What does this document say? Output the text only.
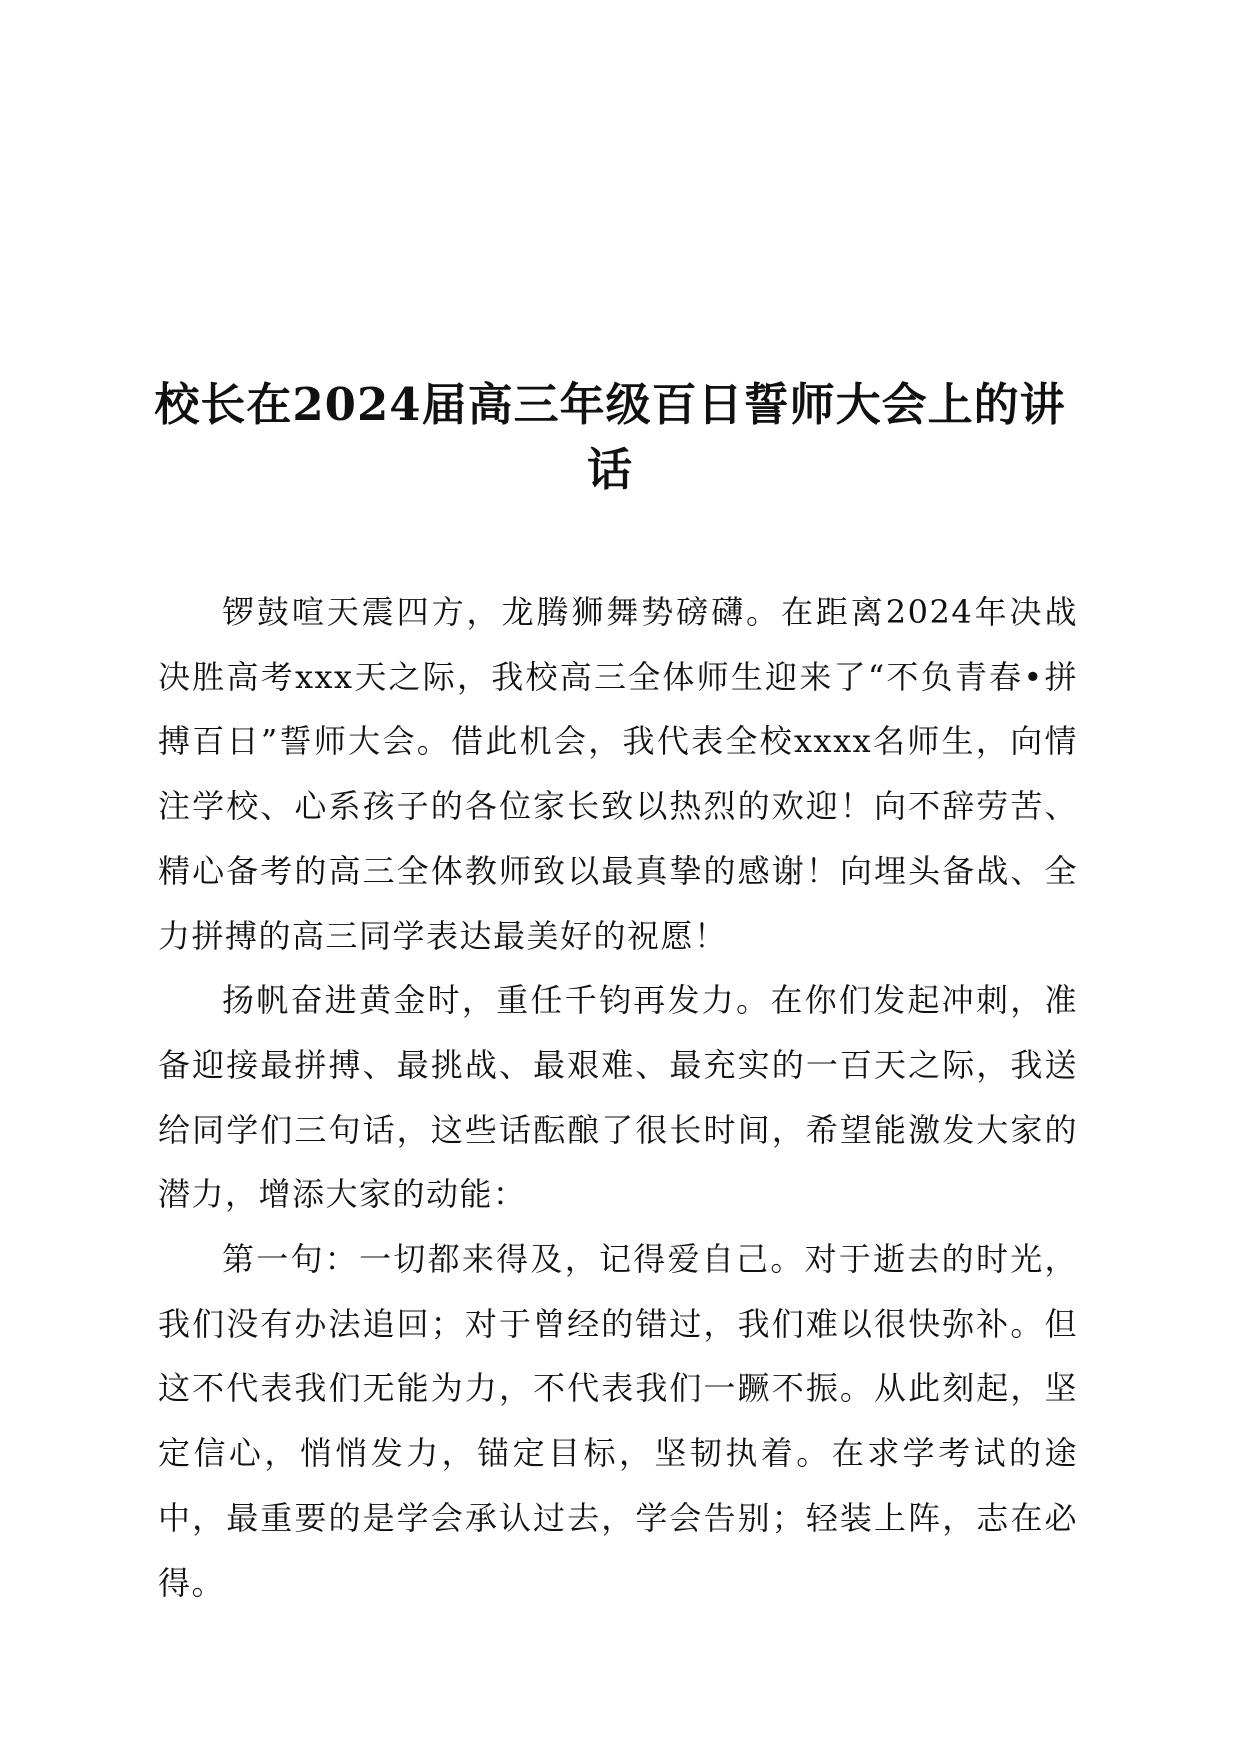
校长在2024届高三年级百日誓师大会上的讲话

锣鼓喧天震四方，龙腾狮舞势磅礴。在距离2024年决战决胜高考xxx天之际，我校高三全体师生迎来了“不负青春•拼搏百日”誓师大会。借此机会，我代表全校xxxx名师生，向情注学校、心系孩子的各位家长致以热烈的欢迎！向不辞劳苦、精心备考的高三全体教师致以最真挚的感谢！向埋头备战、全力拼搏的高三同学表达最美好的祝愿！

扬帆奋进黄金时，重任千钧再发力。在你们发起冲刺，准备迎接最拼搏、最挑战、最艰难、最充实的一百天之际，我送给同学们三句话，这些话酝酿了很长时间，希望能激发大家的潜力，增添大家的动能：

第一句：一切都来得及，记得爱自己。对于逝去的时光，我们没有办法追回；对于曾经的错过，我们难以很快弥补。但这不代表我们无能为力，不代表我们一蹶不振。从此刻起，坚定信心，悄悄发力，锚定目标，坚韧执着。在求学考试的途中，最重要的是学会承认过去，学会告别；轻装上阵，志在必得。
